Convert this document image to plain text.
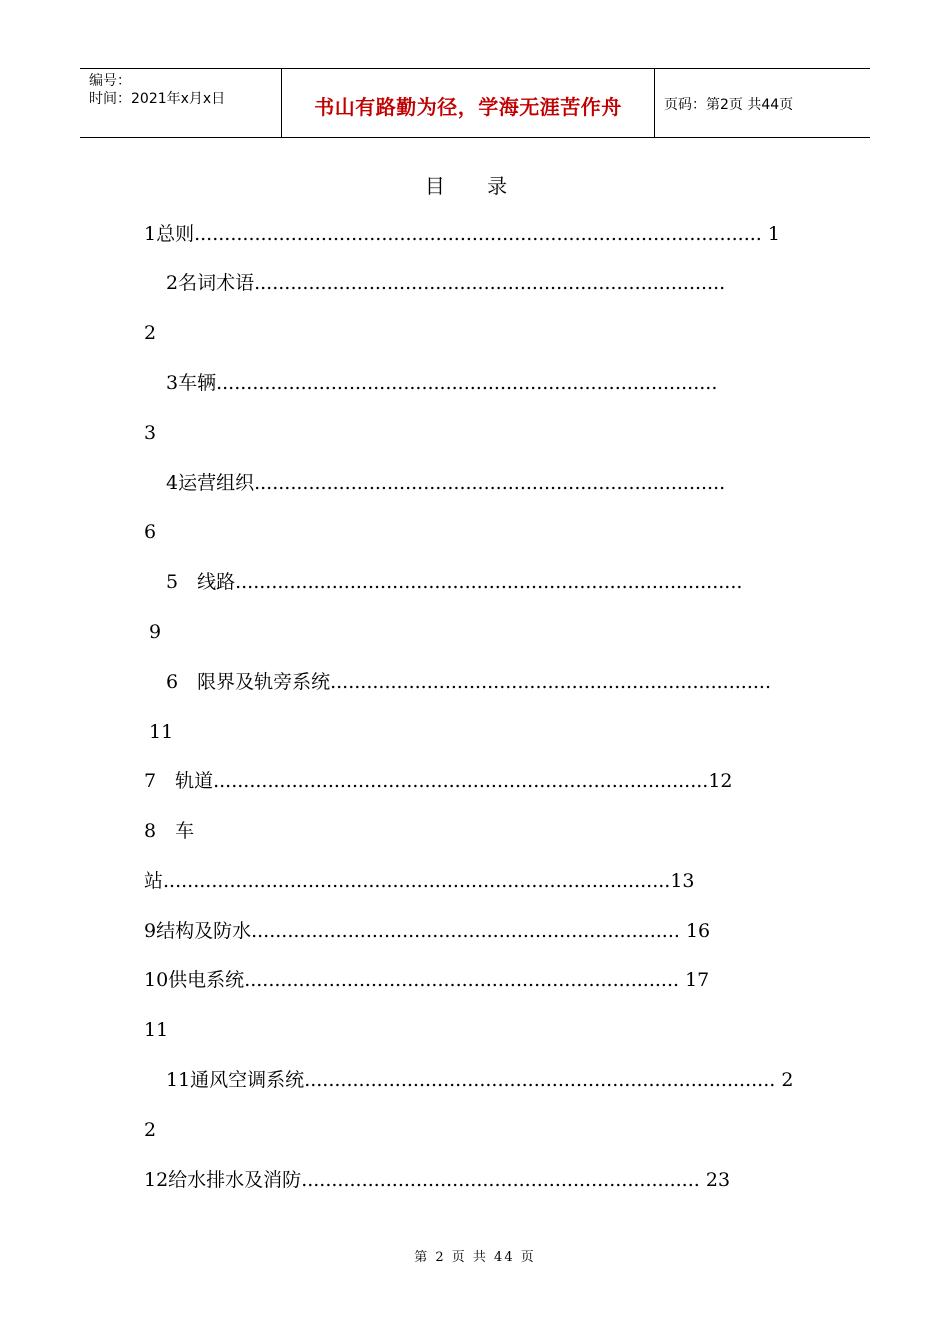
编号：
时间：2021年x月x日	书山有路勤为径，学海无涯苦作舟	页码：第2页 共44页
目 录
1总则.............................................................................................. 1
2名词术语..............................................................................
2
3车辆...................................................................................
3
4运营组织..............................................................................
6
5　线路....................................................................................
9
6　限界及轨旁系统.........................................................................
11
7　轨道..................................................................................12
8　车
站....................................................................................13
9结构及防水....................................................................... 16
10供电系统........................................................................ 17
11
11通风空调系统.............................................................................. 2
2
12给水排水及消防.................................................................. 23
第 2 页 共 44 页
